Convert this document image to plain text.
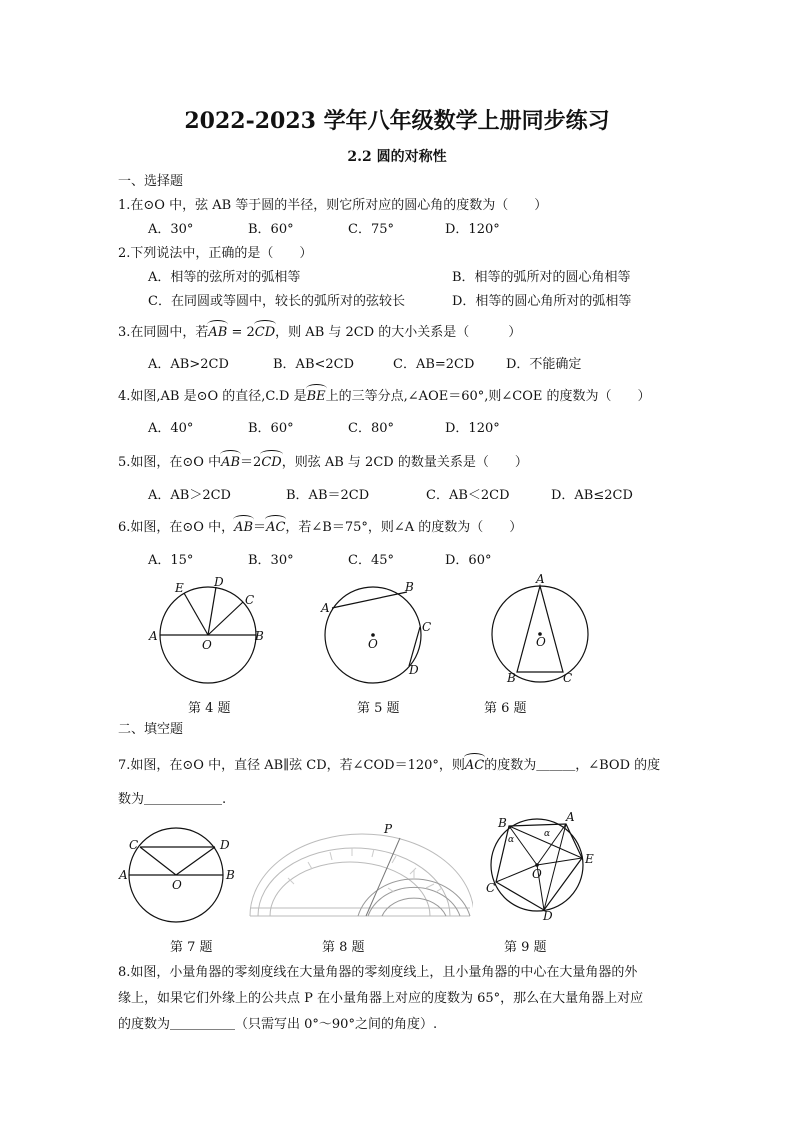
2022-2023 学年八年级数学上册同步练习
2.2 圆的对称性
一、选择题
1.在⊙O 中，弦 AB 等于圆的半径，则它所对应的圆心角的度数为（　　）
A．30°	B．60°	C．75°	D．120°
2.下列说法中，正确的是（　　）
A．相等的弦所对的弧相等	B．相等的弧所对的圆心角相等
C．在同圆或等圆中，较长的弧所对的弦较长	D．相等的圆心角所对的弧相等
3.在同圆中，若AB = 2CD，则 AB 与 2CD 的大小关系是（　　　）
A．AB>2CD	B．AB<2CD	C．AB=2CD D．不能确定
4.如图,AB 是⊙O 的直径,C.D 是BE上的三等分点,∠AOE＝60°,则∠COE 的度数为（　　）
A．40°	B．60°	C．80°	D．120°
5.如图，在⊙O 中AB＝2CD，则弦 AB 与 2CD 的数量关系是（　　）
A．AB＞2CD	B．AB＝2CD	C．AB＜2CD	D．AB≤2CD
6.如图，在⊙O 中，AB＝AC，若∠B＝75°，则∠A 的度数为（　　）
A．15°	B．30°	C．45°	D．60°
E	D
C
A
O
B
A
B
C
D
O
A
O
B	C
第 4 题	第 5 题	第 6 题
二、填空题
7.如图，在⊙O 中，直径 AB∥弦 CD，若∠COD＝120°，则AC的度数为＿＿＿，∠BOD 的度
数为＿＿＿＿＿＿.
C	D
A
O
B
P	B	A
α
α
O
E
C
D
第 7 题	第 8 题	第 9 题
8.如图，小量角器的零刻度线在大量角器的零刻度线上，且小量角器的中心在大量角器的外
缘上，如果它们外缘上的公共点 P 在小量角器上对应的度数为 65°，那么在大量角器上对应
的度数为＿＿＿＿＿（只需写出 0°～90°之间的角度）.
